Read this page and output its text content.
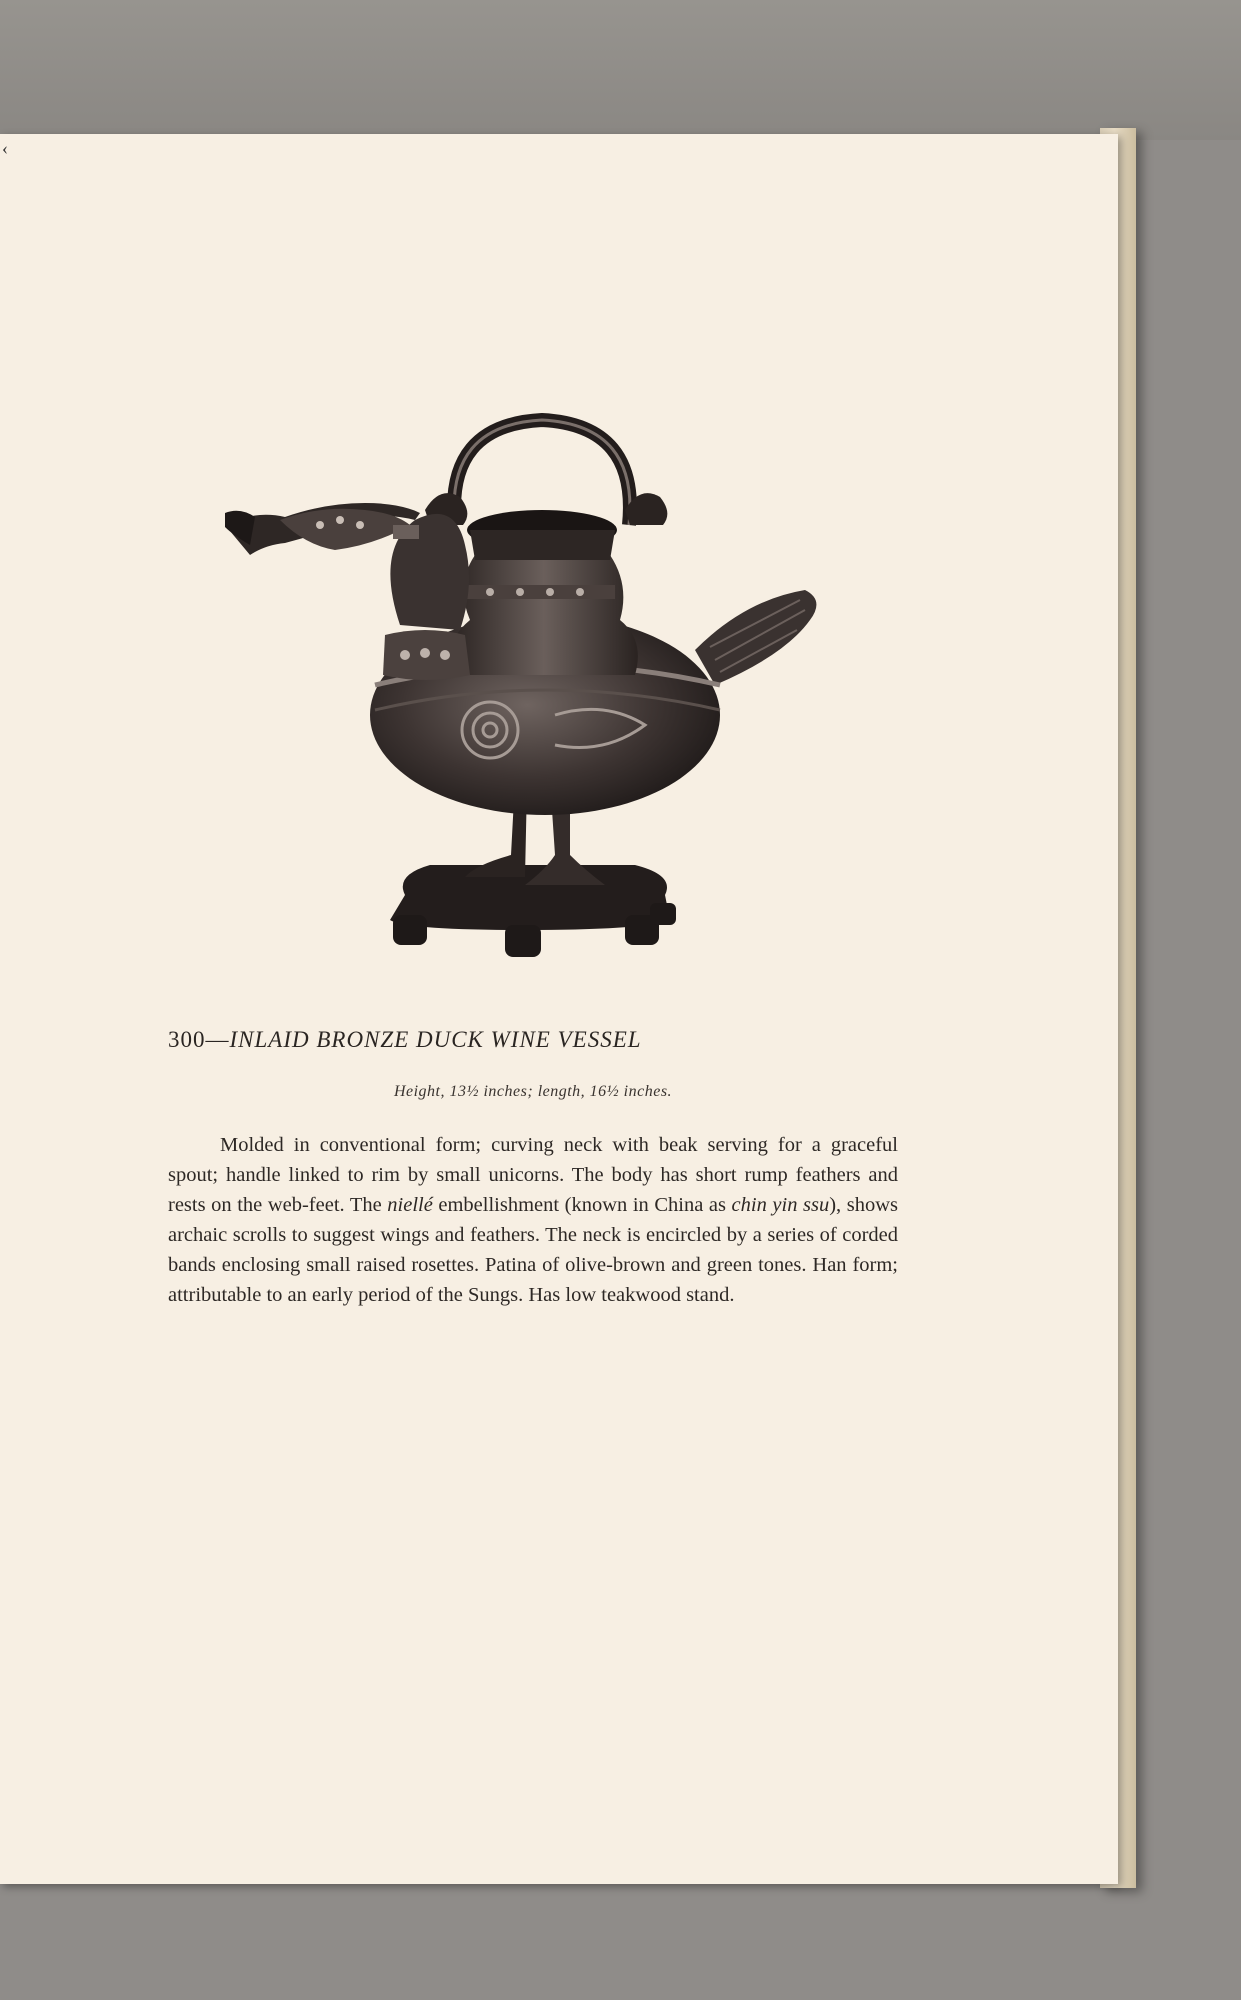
‹
300—INLAID BRONZE DUCK WINE VESSEL

Height, 13½ inches; length, 16½ inches.

Molded in conventional form; curving neck with beak serving for a graceful spout; handle linked to rim by small unicorns. The body has short rump feathers and rests on the web-feet. The niellé embellishment (known in China as chin yin ssu), shows archaic scrolls to suggest wings and feathers. The neck is encircled by a series of corded bands enclosing small raised rosettes. Patina of olive-brown and green tones. Han form; attributable to an early period of the Sungs. Has low teakwood stand.
